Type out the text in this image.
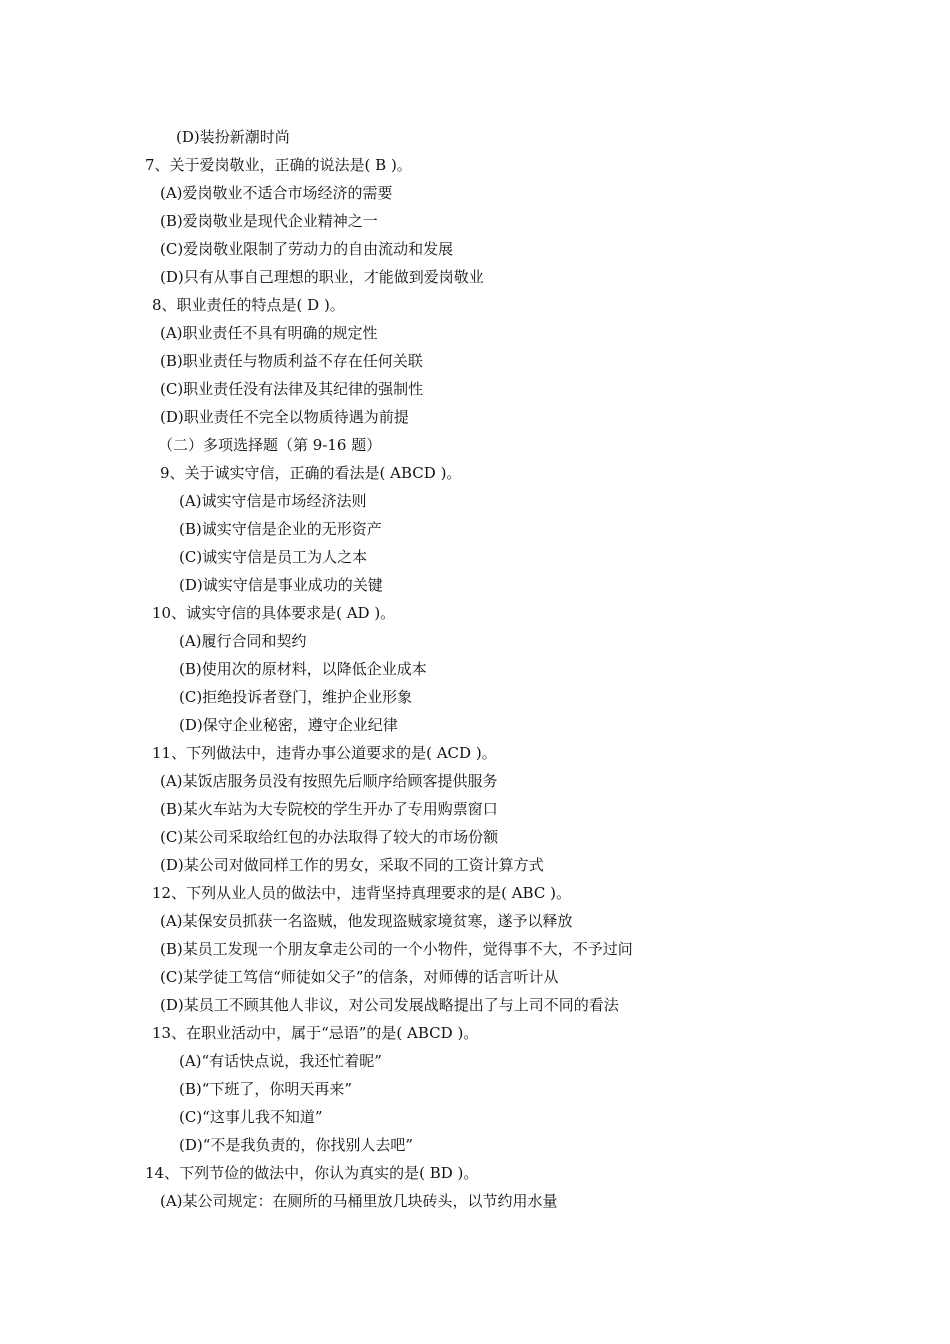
(D)装扮新潮时尚
7、关于爱岗敬业，正确的说法是( B )。
(A)爱岗敬业不适合市场经济的需要
(B)爱岗敬业是现代企业精神之一
(C)爱岗敬业限制了劳动力的自由流动和发展
(D)只有从事自己理想的职业，才能做到爱岗敬业
8、职业责任的特点是( D )。
(A)职业责任不具有明确的规定性
(B)职业责任与物质利益不存在任何关联
(C)职业责任没有法律及其纪律的强制性
(D)职业责任不完全以物质待遇为前提
（二）多项选择题（第 9-16 题）
9、关于诚实守信，正确的看法是( ABCD )。
(A)诚实守信是市场经济法则
(B)诚实守信是企业的无形资产
(C)诚实守信是员工为人之本
(D)诚实守信是事业成功的关键
10、诚实守信的具体要求是( AD )。
(A)履行合同和契约
(B)使用次的原材料，以降低企业成本
(C)拒绝投诉者登门，维护企业形象
(D)保守企业秘密，遵守企业纪律
11、下列做法中，违背办事公道要求的是( ACD )。
(A)某饭店服务员没有按照先后顺序给顾客提供服务
(B)某火车站为大专院校的学生开办了专用购票窗口
(C)某公司采取给红包的办法取得了较大的市场份额
(D)某公司对做同样工作的男女，采取不同的工资计算方式
12、下列从业人员的做法中，违背坚持真理要求的是( ABC )。
(A)某保安员抓获一名盗贼，他发现盗贼家境贫寒，遂予以释放
(B)某员工发现一个朋友拿走公司的一个小物件，觉得事不大，不予过问
(C)某学徒工笃信“师徒如父子”的信条，对师傅的话言听计从
(D)某员工不顾其他人非议，对公司发展战略提出了与上司不同的看法
13、在职业活动中，属于“忌语”的是( ABCD )。
(A)“有话快点说，我还忙着昵”
(B)“下班了，你明天再来”
(C)“这事儿我不知道”
(D)“不是我负责的，你找别人去吧”
14、下列节俭的做法中，你认为真实的是( BD )。
(A)某公司规定：在厕所的马桶里放几块砖头，以节约用水量
